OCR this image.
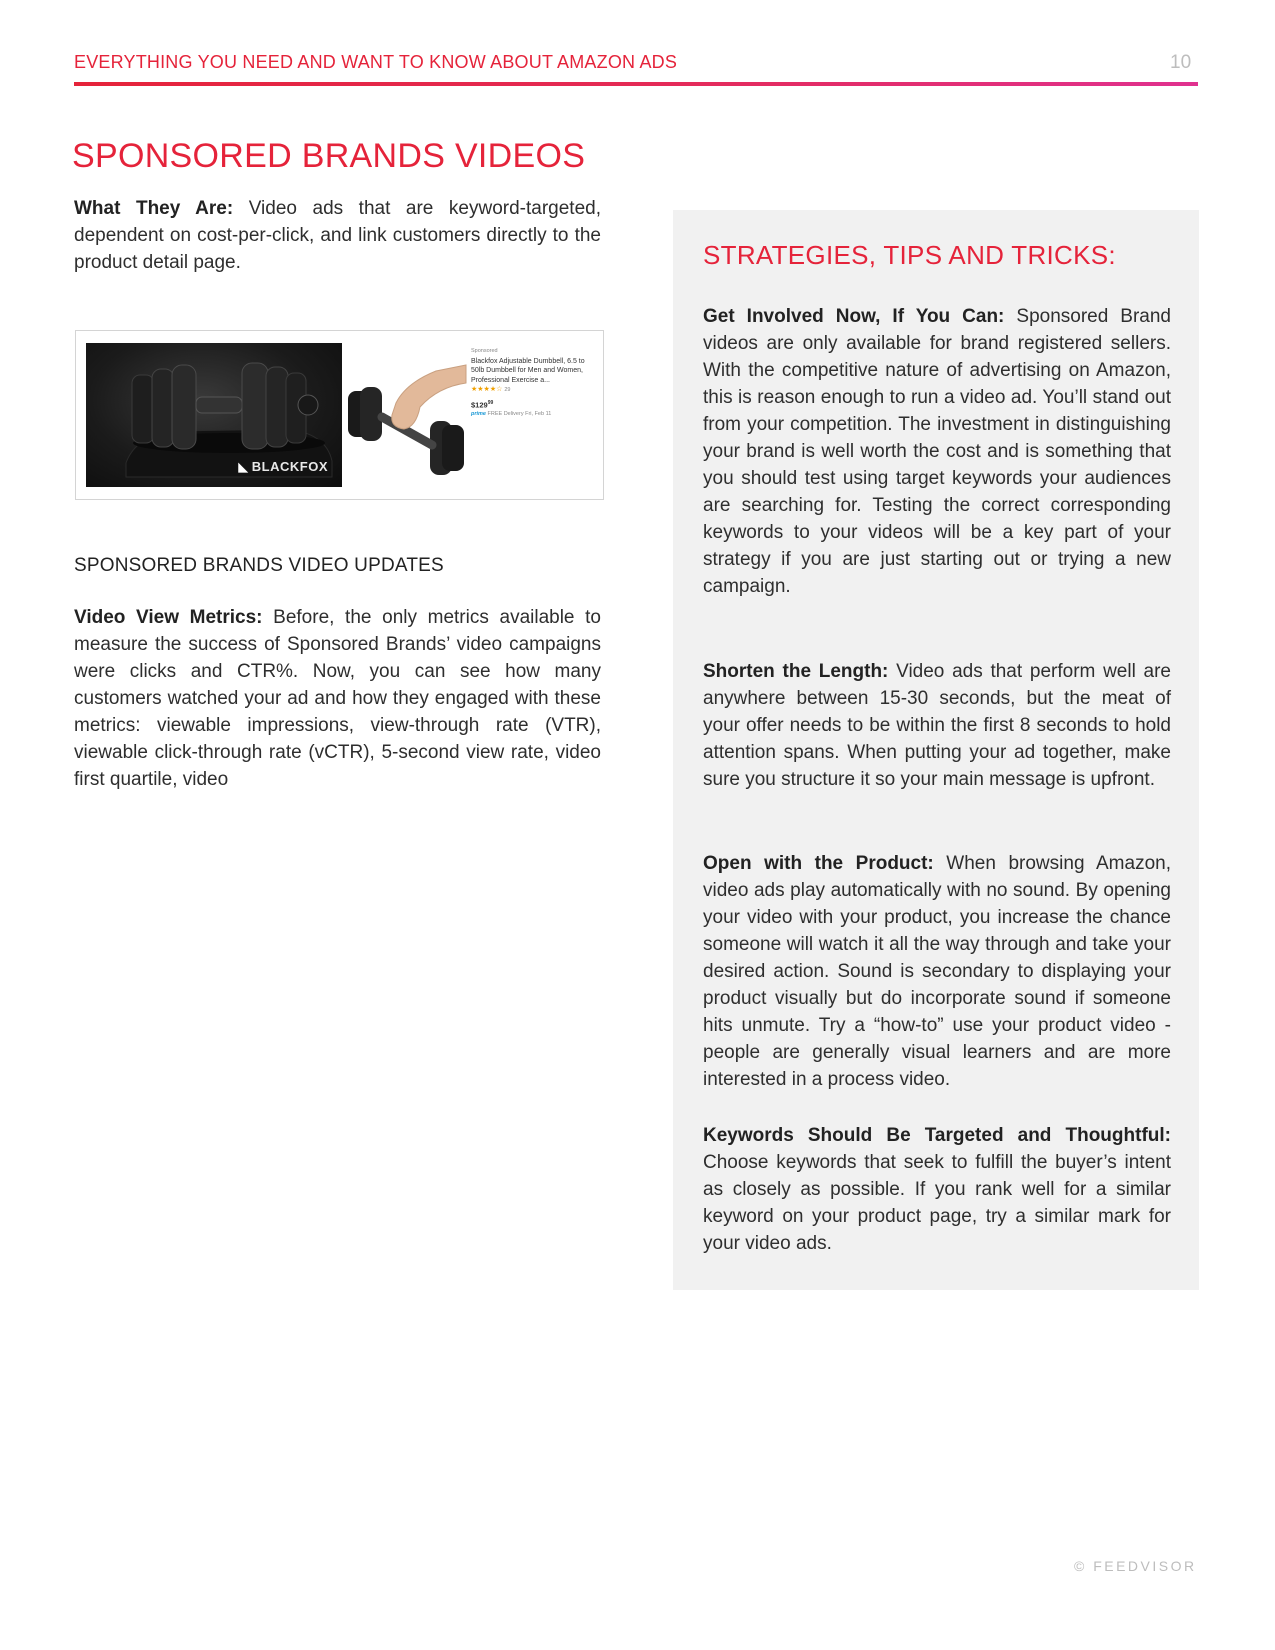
EVERYTHING YOU NEED AND WANT TO KNOW ABOUT AMAZON ADS	10
SPONSORED BRANDS VIDEOS
What They Are: Video ads that are keyword-targeted, dependent on cost-per-click, and link customers directly to the product detail page.
◣ BLACKFOX
Sponsored
Blackfox Adjustable Dumbbell, 6.5 to 50lb Dumbbell for Men and Women, Professional Exercise a...
★★★★☆ 29
$\$129^{99}$
prime FREE Delivery Fri, Feb 11
SPONSORED BRANDS VIDEO UPDATES
Video View Metrics: Before, the only metrics available to measure the success of Sponsored Brands’ video campaigns were clicks and CTR%. Now, you can see how many customers watched your ad and how they engaged with these metrics: viewable impressions, view-through rate (VTR), viewable click-through rate (vCTR), 5-second view rate, video first quartile, video
STRATEGIES, TIPS AND TRICKS:
Get Involved Now, If You Can: Sponsored Brand videos are only available for brand registered sellers. With the competitive nature of advertising on Amazon, this is reason enough to run a video ad. You’ll stand out from your competition. The investment in distinguishing your brand is well worth the cost and is something that you should test using target keywords your audiences are searching for. Testing the correct corresponding keywords to your videos will be a key part of your strategy if you are just starting out or trying a new campaign.
Shorten the Length: Video ads that perform well are anywhere between 15-30 seconds, but the meat of your offer needs to be within the first 8 seconds to hold attention spans. When putting your ad together, make sure you structure it so your main message is upfront.
Open with the Product: When browsing Amazon, video ads play automatically with no sound. By opening your video with your product, you increase the chance someone will watch it all the way through and take your desired action. Sound is secondary to displaying your product visually but do incorporate sound if someone hits unmute. Try a “how-to” use your product video - people are generally visual learners and are more interested in a process video.
Keywords Should Be Targeted and Thoughtful: Choose keywords that seek to fulfill the buyer’s intent as closely as possible. If you rank well for a similar keyword on your product page, try a similar mark for your video ads.
© FEEDVISOR
